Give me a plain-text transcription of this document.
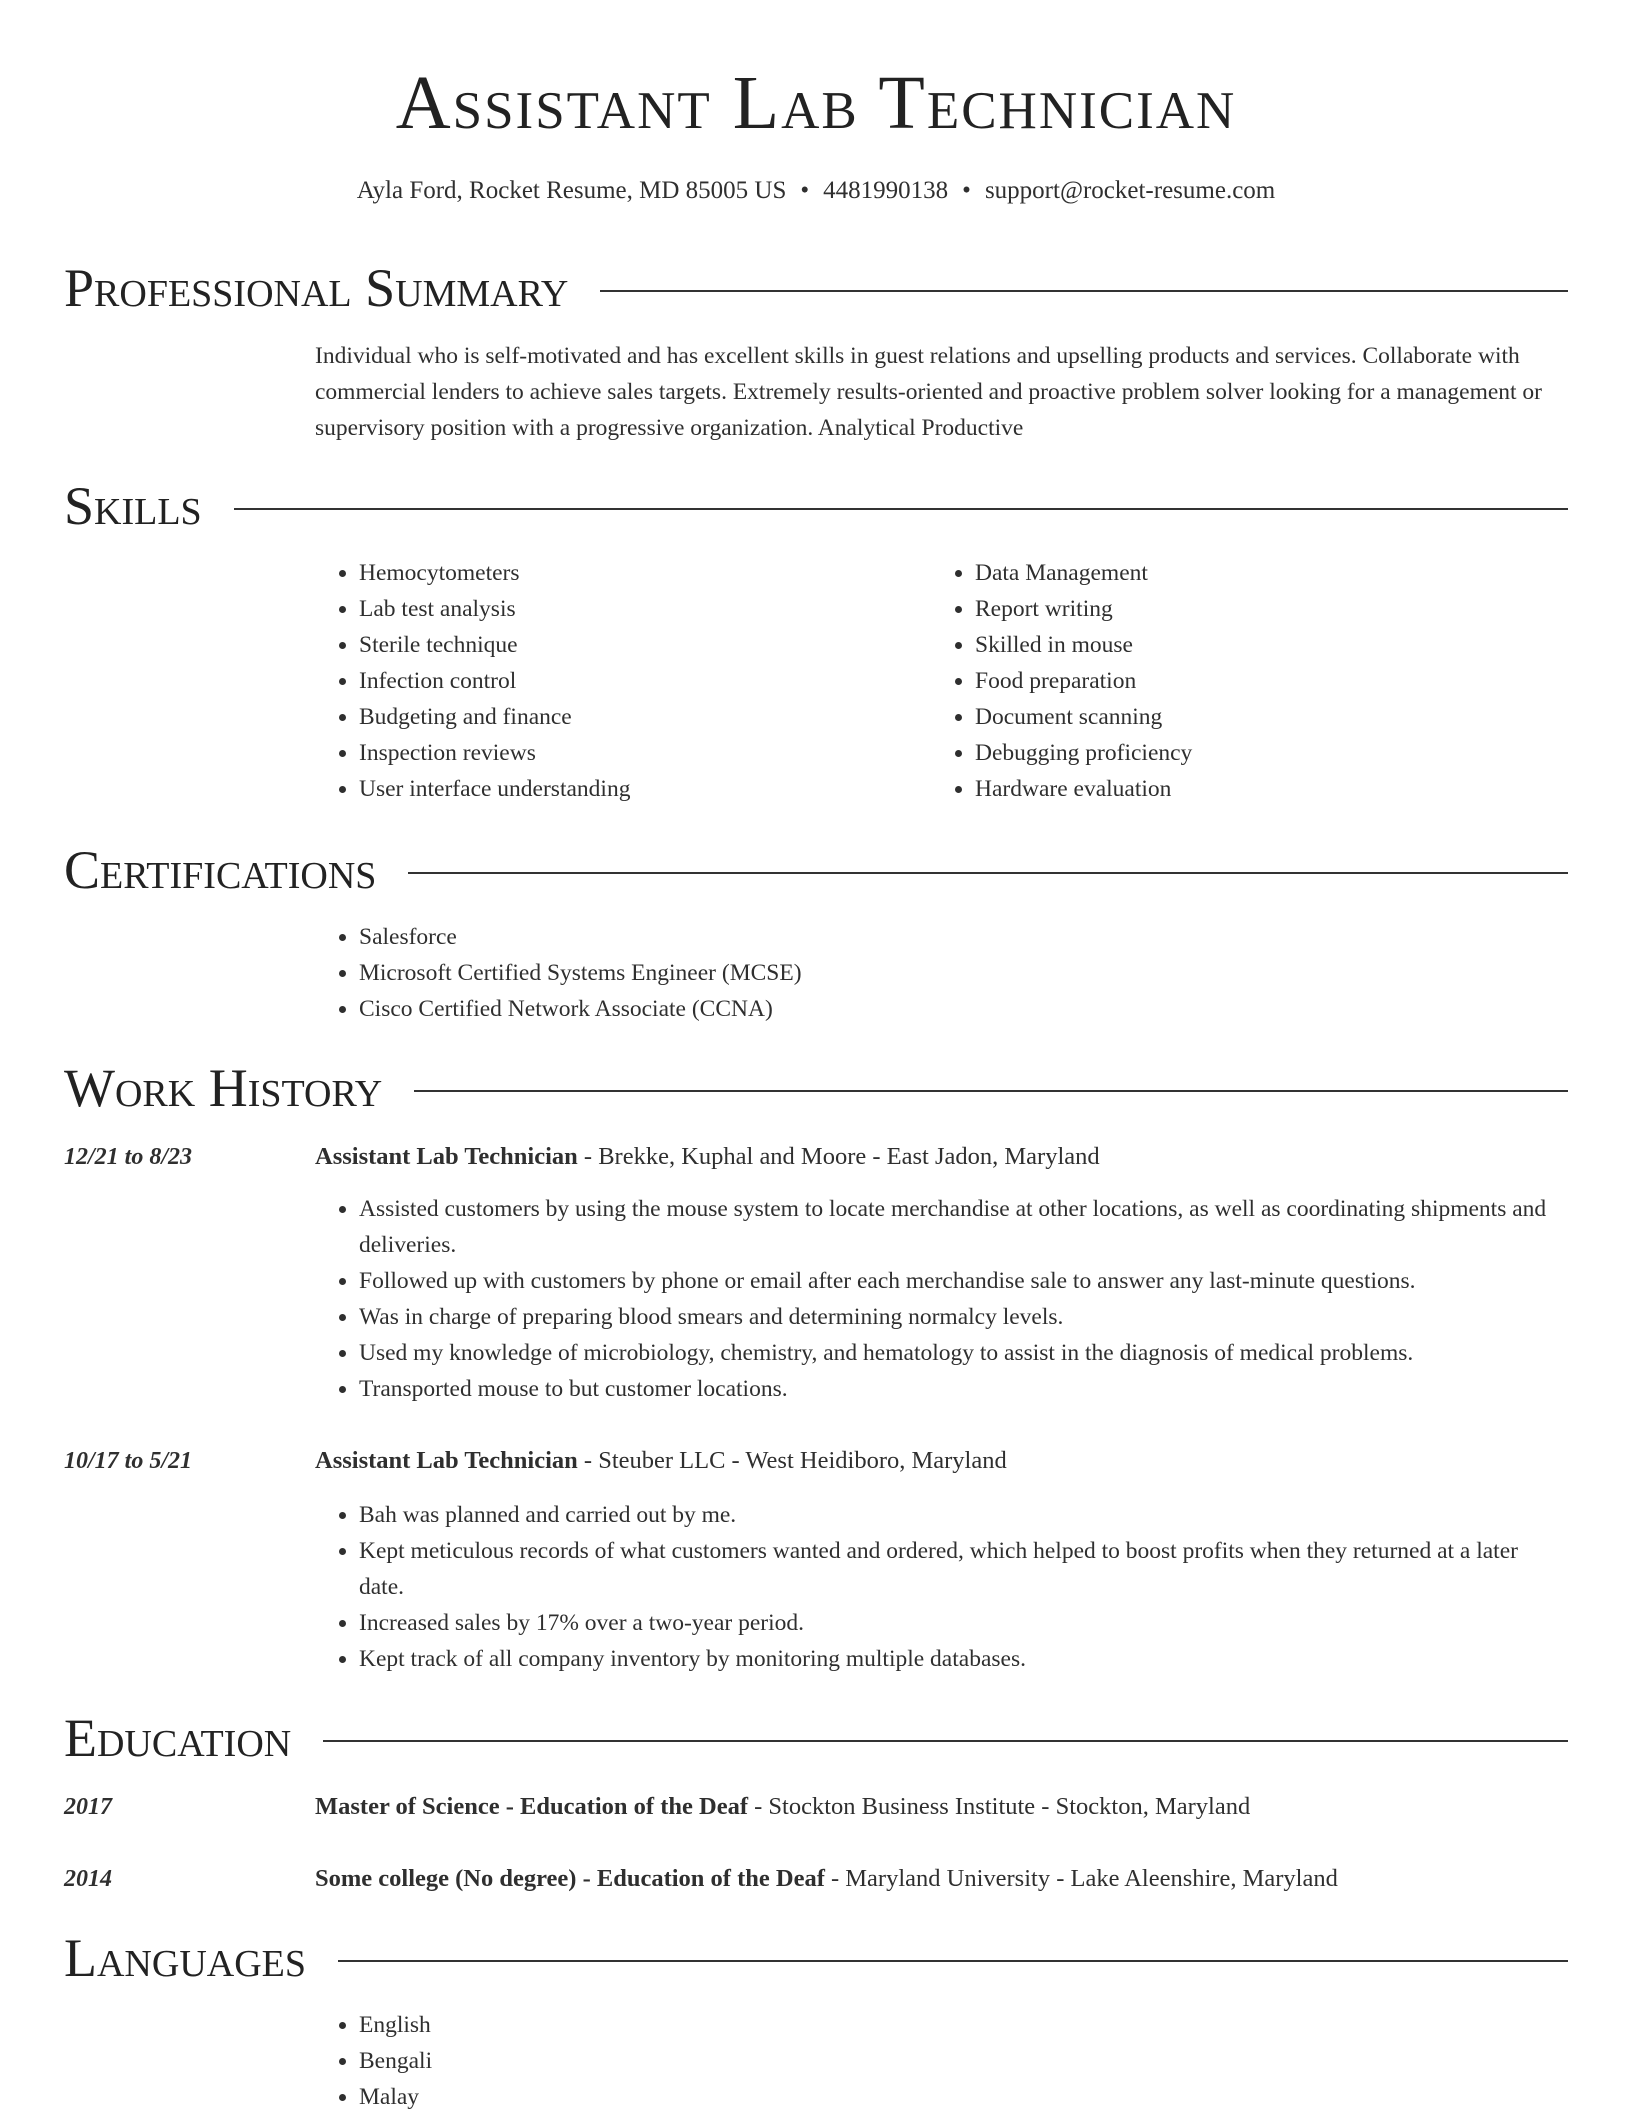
Assistant Lab Technician
Ayla Ford, Rocket Resume, MD 85005 US • 4481990138 • support@rocket-resume.com
Professional Summary
Individual who is self-motivated and has excellent skills in guest relations and upselling products and services. Collaborate with commercial lenders to achieve sales targets. Extremely results-oriented and proactive problem solver looking for a management or supervisory position with a progressive organization. Analytical Productive
Skills
• Hemocytometers
• Lab test analysis
• Sterile technique
• Infection control
• Budgeting and finance
• Inspection reviews
• User interface understanding
• Data Management
• Report writing
• Skilled in mouse
• Food preparation
• Document scanning
• Debugging proficiency
• Hardware evaluation
Certifications
• Salesforce
• Microsoft Certified Systems Engineer (MCSE)
• Cisco Certified Network Associate (CCNA)
Work History
12/21 to 8/23	Assistant Lab Technician - Brekke, Kuphal and Moore - East Jadon, Maryland
• Assisted customers by using the mouse system to locate merchandise at other locations, as well as coordinating shipments and deliveries.
• Followed up with customers by phone or email after each merchandise sale to answer any last-minute questions.
• Was in charge of preparing blood smears and determining normalcy levels.
• Used my knowledge of microbiology, chemistry, and hematology to assist in the diagnosis of medical problems.
• Transported mouse to but customer locations.
10/17 to 5/21	Assistant Lab Technician - Steuber LLC - West Heidiboro, Maryland
• Bah was planned and carried out by me.
• Kept meticulous records of what customers wanted and ordered, which helped to boost profits when they returned at a later date.
• Increased sales by 17% over a two-year period.
• Kept track of all company inventory by monitoring multiple databases.
Education
2017	Master of Science - Education of the Deaf - Stockton Business Institute - Stockton, Maryland
2014	Some college (No degree) - Education of the Deaf - Maryland University - Lake Aleenshire, Maryland
Languages
• English
• Bengali
• Malay
